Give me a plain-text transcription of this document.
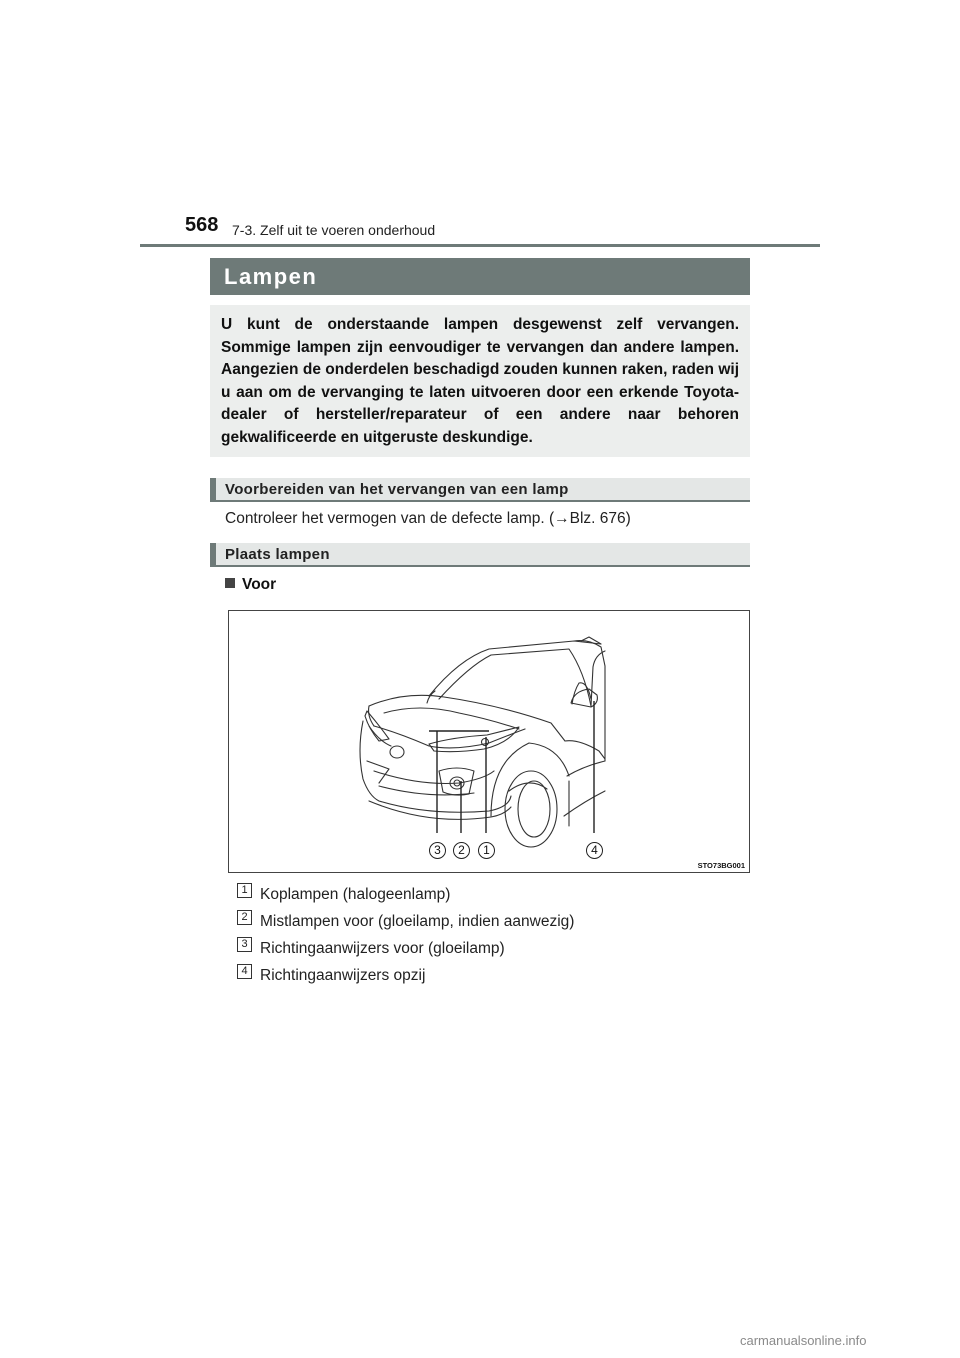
568 7-3. Zelf uit te voeren onderhoud
Lampen
U kunt de onderstaande lampen desgewenst zelf vervangen. Sommige lampen zijn eenvoudiger te vervangen dan andere lampen. Aangezien de onderdelen beschadigd zouden kunnen raken, raden wij u aan om de vervanging te laten uitvoeren door een erkende Toyota-dealer of hersteller/reparateur of een andere naar behoren gekwalificeerde en uitgeruste deskundige.
Voorbereiden van het vervangen van een lamp
Controleer het vermogen van de defecte lamp. (→Blz. 676)
Plaats lampen
Voor
3	2	1	4
STO73BG001
1 Koplampen (halogeenlamp)
2 Mistlampen voor (gloeilamp, indien aanwezig)
3 Richtingaanwijzers voor (gloeilamp)
4 Richtingaanwijzers opzij
carmanualsonline.info
